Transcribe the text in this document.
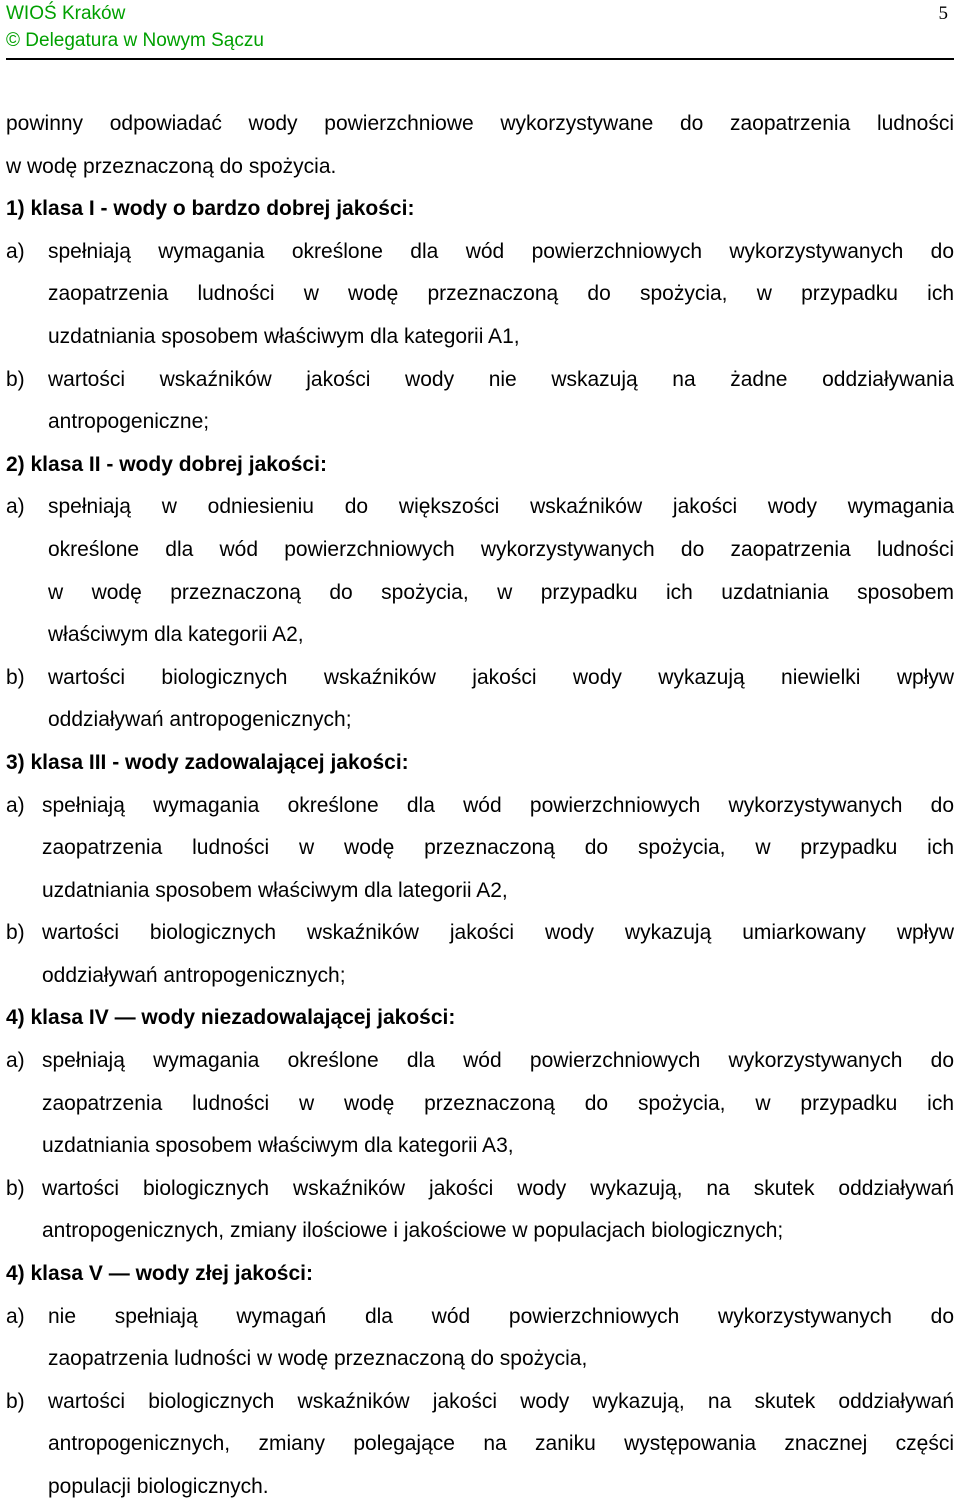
WIOŚ Kraków
© Delegatura w Nowym Sączu
5
powinny odpowiadać wody powierzchniowe wykorzystywane do zaopatrzenia ludności
w wodę przeznaczoną do spożycia.
1) klasa I - wody o bardzo dobrej jakości:
a) spełniają wymagania określone dla wód powierzchniowych wykorzystywanych do
zaopatrzenia ludności w wodę przeznaczoną do spożycia, w przypadku ich
uzdatniania sposobem właściwym dla kategorii A1,
b) wartości wskaźników jakości wody nie wskazują na żadne oddziaływania
antropogeniczne;
2) klasa II - wody dobrej jakości:
a) spełniają w odniesieniu do większości wskaźników jakości wody wymagania
określone dla wód powierzchniowych wykorzystywanych do zaopatrzenia ludności
w wodę przeznaczoną do spożycia, w przypadku ich uzdatniania sposobem
właściwym dla kategorii A2,
b) wartości biologicznych wskaźników jakości wody wykazują niewielki wpływ
oddziaływań antropogenicznych;
3) klasa III - wody zadowalającej jakości:
a) spełniają wymagania określone dla wód powierzchniowych wykorzystywanych do
zaopatrzenia ludności w wodę przeznaczoną do spożycia, w przypadku ich
uzdatniania sposobem właściwym dla lategorii A2,
b) wartości biologicznych wskaźników jakości wody wykazują umiarkowany wpływ
oddziaływań antropogenicznych;
4) klasa IV — wody niezadowalającej jakości:
a) spełniają wymagania określone dla wód powierzchniowych wykorzystywanych do
zaopatrzenia ludności w wodę przeznaczoną do spożycia, w przypadku ich
uzdatniania sposobem właściwym dla kategorii A3,
b) wartości biologicznych wskaźników jakości wody wykazują, na skutek oddziaływań
antropogenicznych, zmiany ilościowe i jakościowe w populacjach biologicznych;
4) klasa V — wody złej jakości:
a) nie spełniają wymagań dla wód powierzchniowych wykorzystywanych do
zaopatrzenia ludności w wodę przeznaczoną do spożycia,
b) wartości biologicznych wskaźników jakości wody wykazują, na skutek oddziaływań
antropogenicznych, zmiany polegające na zaniku występowania znacznej części
populacji biologicznych.
